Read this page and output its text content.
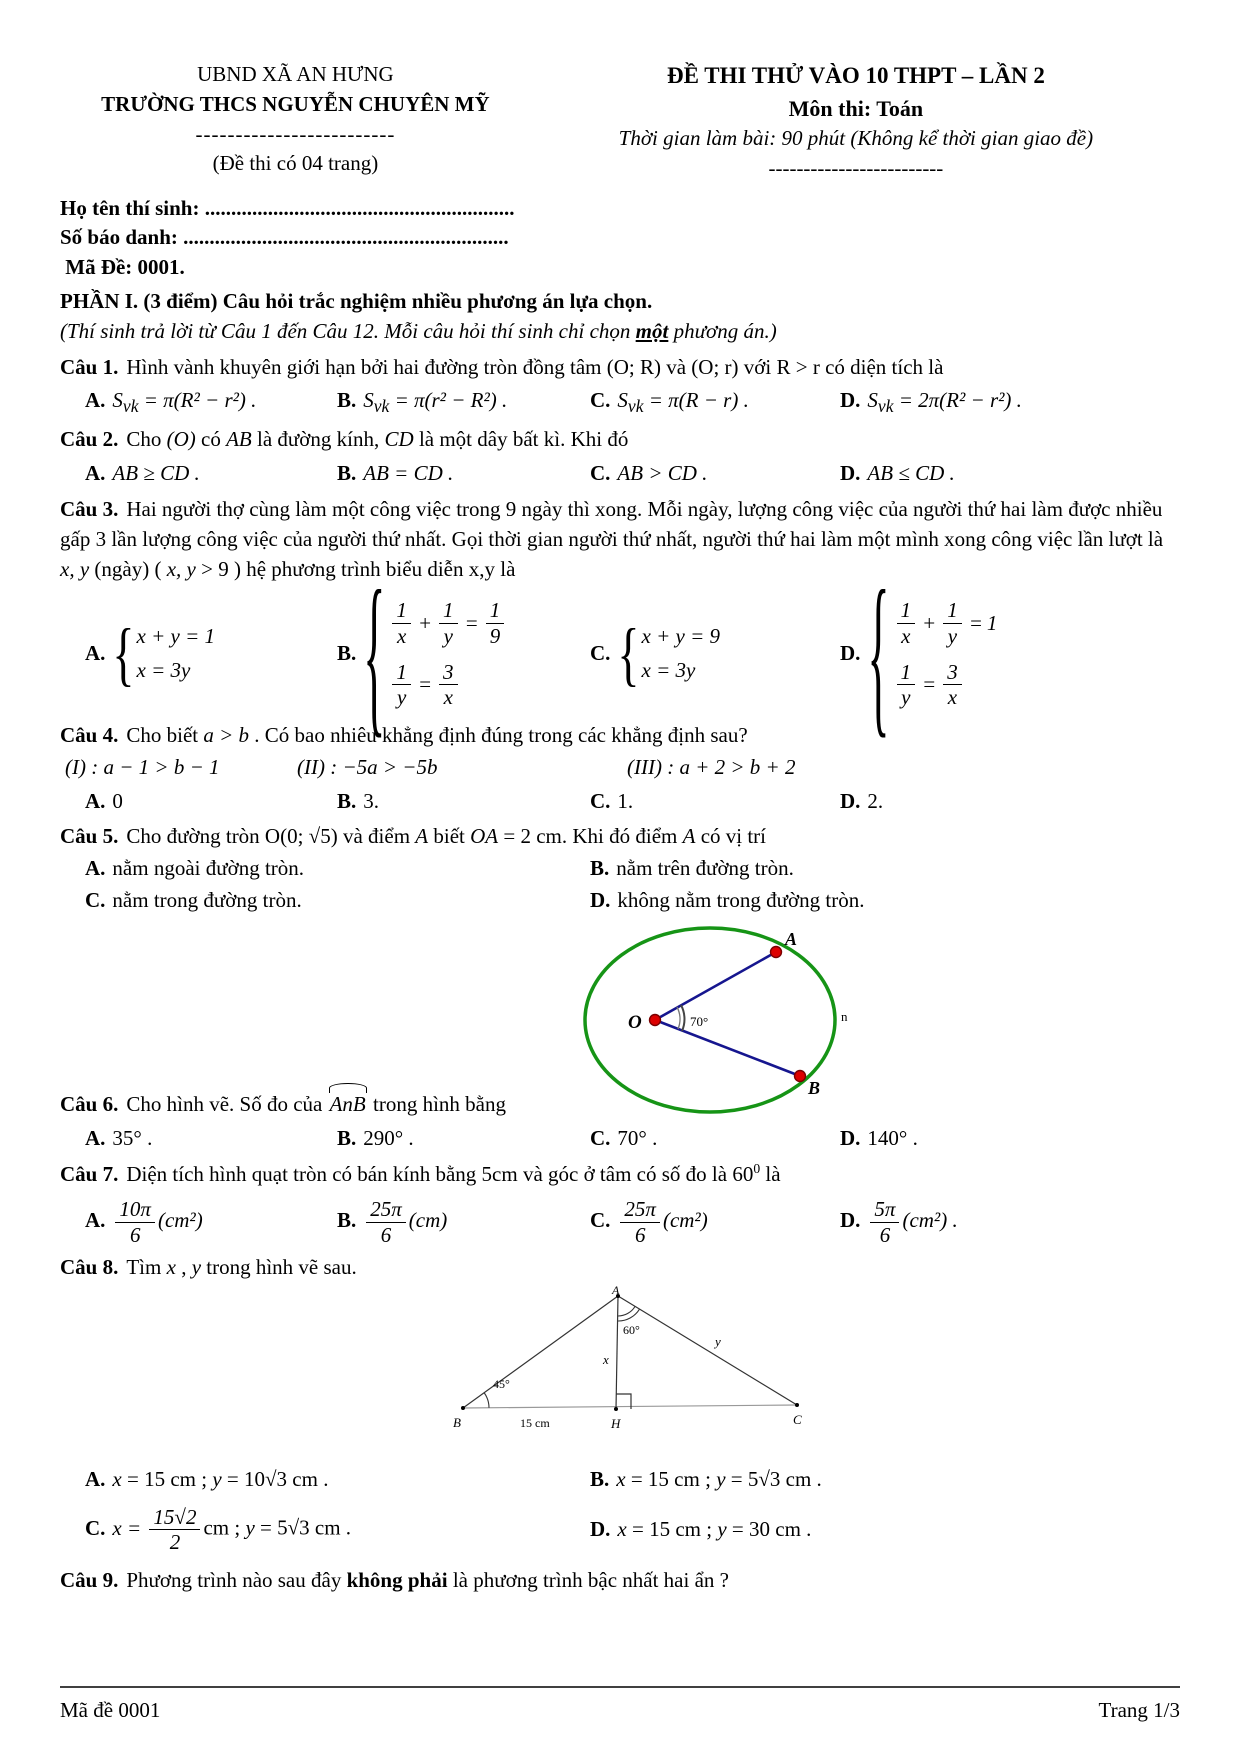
UBND XÃ AN HƯNG
TRƯỜNG THCS NGUYỄN CHUYÊN MỸ
-------------------------
(Đề thi có 04 trang)
ĐỀ THI THỬ VÀO 10 THPT – LẦN 2
Môn thi: Toán
Thời gian làm bài: 90 phút (Không kể thời gian giao đề)
-------------------------
Họ tên thí sinh: ...........................................................
Số báo danh: ..............................................................
Mã Đề: 0001.
PHẦN I. (3 điểm) Câu hỏi trắc nghiệm nhiều phương án lựa chọn.
(Thí sinh trả lời từ Câu 1 đến Câu 12. Mỗi câu hỏi thí sinh chỉ chọn một phương án.)
Câu 1. Hình vành khuyên giới hạn bởi hai đường tròn đồng tâm (O; R) và (O; r) với R > r có diện tích là
A. $S_{vk} = \pi(R^2 - r^2)$ .	B. $S_{vk} = \pi(r^2 - R^2)$ .	C. $S_{vk} = \pi(R - r)$ .	D. $S_{vk} = 2\pi(R^2 - r^2)$ .
Câu 2. Cho (O) có AB là đường kính, CD là một dây bất kì. Khi đó
A. AB ≥ CD .	B. AB = CD .	C. AB > CD .	D. AB ≤ CD .
Câu 3. Hai người thợ cùng làm một công việc trong 9 ngày thì xong. Mỗi ngày, lượng công việc của người thứ hai làm được nhiều gấp 3 lần lượng công việc của người thứ nhất. Gọi thời gian người thứ nhất, người thứ hai làm một mình xong công việc lần lượt là x, y (ngày) ( x, y > 9 ) hệ phương trình biểu diễn x,y là
A. { x + y = 1
x = 3y
B. { $\frac{1}{x} + \frac{1}{y} = \frac{1}{9}$
$\frac{1}{y} = \frac{3}{x}$
C. { x + y = 9
x = 3y
D. { $\frac{1}{x} + \frac{1}{y} = 1$
$\frac{1}{y} = \frac{3}{x}$
Câu 4. Cho biết a > b . Có bao nhiêu khẳng định đúng trong các khẳng định sau?
(I) : a − 1 > b − 1	(II) : −5a > −5b	(III) : a + 2 > b + 2
A. 0	B. 3.	C. 1.	D. 2.
Câu 5. Cho đường tròn O(0; √5) và điểm A biết OA = 2 cm. Khi đó điểm A có vị trí
A. nằm ngoài đường tròn.	B. nằm trên đường tròn.
C. nằm trong đường tròn.	D. không nằm trong đường tròn.
O
A
B
70°	n
Câu 6. Cho hình vẽ. Số đo của AnB trong hình bằng
A. 35° .	B. 290° .	C. 70° .	D. 140° .
Câu 7. Diện tích hình quạt tròn có bán kính bằng 5cm và góc ở tâm có số đo là $60^0$ là
A. $\frac{10\pi}{6} (cm^2)$	B. $\frac{25\pi}{6} (cm)$	C. $\frac{25\pi}{6} (cm^2)$	D. $\frac{5\pi}{6} (cm^2)$ .
Câu 8. Tìm x , y trong hình vẽ sau.
A
B	H	C
45°
60°
x
y
15 cm
A. x = 15 cm ; y = 10√3 cm .	B. x = 15 cm ; y = 5√3 cm .
C. $x = \frac{15√2}{2}$ cm ; y = 5√3 cm .	D. x = 15 cm ; y = 30 cm .
Câu 9. Phương trình nào sau đây không phải là phương trình bậc nhất hai ẩn ?
Mã đề 0001	Trang 1/3
